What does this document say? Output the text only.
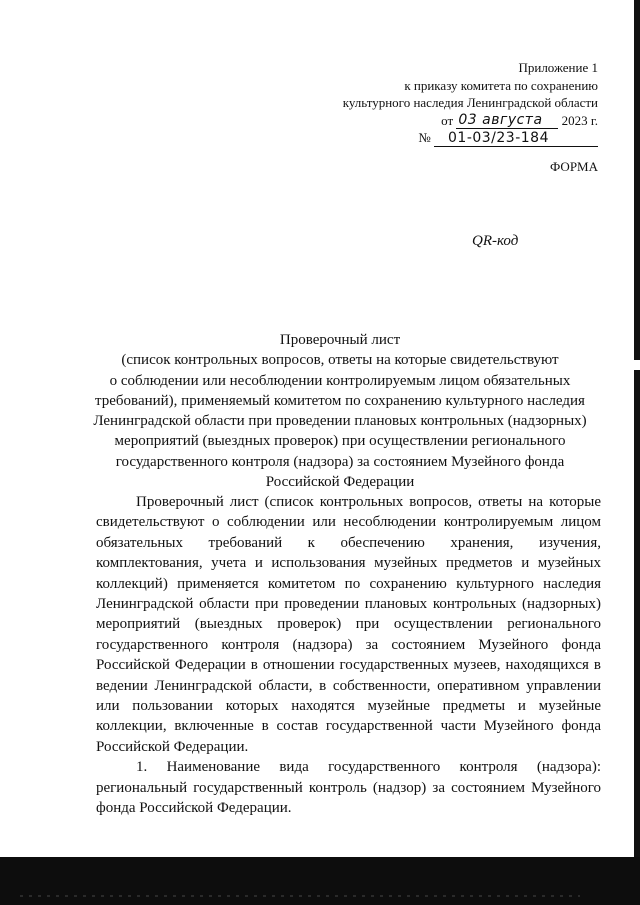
Приложение 1
к приказу комитета по сохранению
культурного наследия Ленинградской области
от
03 августа
	2023 г.
№
	01-03/23-184
ФОРМА
QR-код
Проверочный лист
(список контрольных вопросов, ответы на которые свидетельствуют
о соблюдении или несоблюдении контролируемым лицом обязательных
требований), применяемый комитетом по сохранению культурного наследия
Ленинградской области при проведении плановых контрольных (надзорных)
мероприятий (выездных проверок) при осуществлении регионального
государственного контроля (надзора) за состоянием Музейного фонда
Российской Федерации

Проверочный лист (список контрольных вопросов, ответы на которые свидетельствуют о соблюдении или несоблюдении контролируемым лицом обязательных требований к обеспечению хранения, изучения, комплектования, учета и использования музейных предметов и музейных коллекций) применяется комитетом по сохранению культурного наследия Ленинградской области при проведении плановых контрольных (надзорных) мероприятий (выездных проверок) при осуществлении регионального государственного контроля (надзора) за состоянием Музейного фонда Российской Федерации в отношении государственных музеев, находящихся в ведении Ленинградской области, в собственности, оперативном управлении или пользовании которых находятся музейные предметы и музейные коллекции, включенные в состав государственной части Музейного фонда Российской Федерации.

1. Наименование вида государственного контроля (надзора): региональный государственный контроль (надзор) за состоянием Музейного фонда Российской Федерации.
